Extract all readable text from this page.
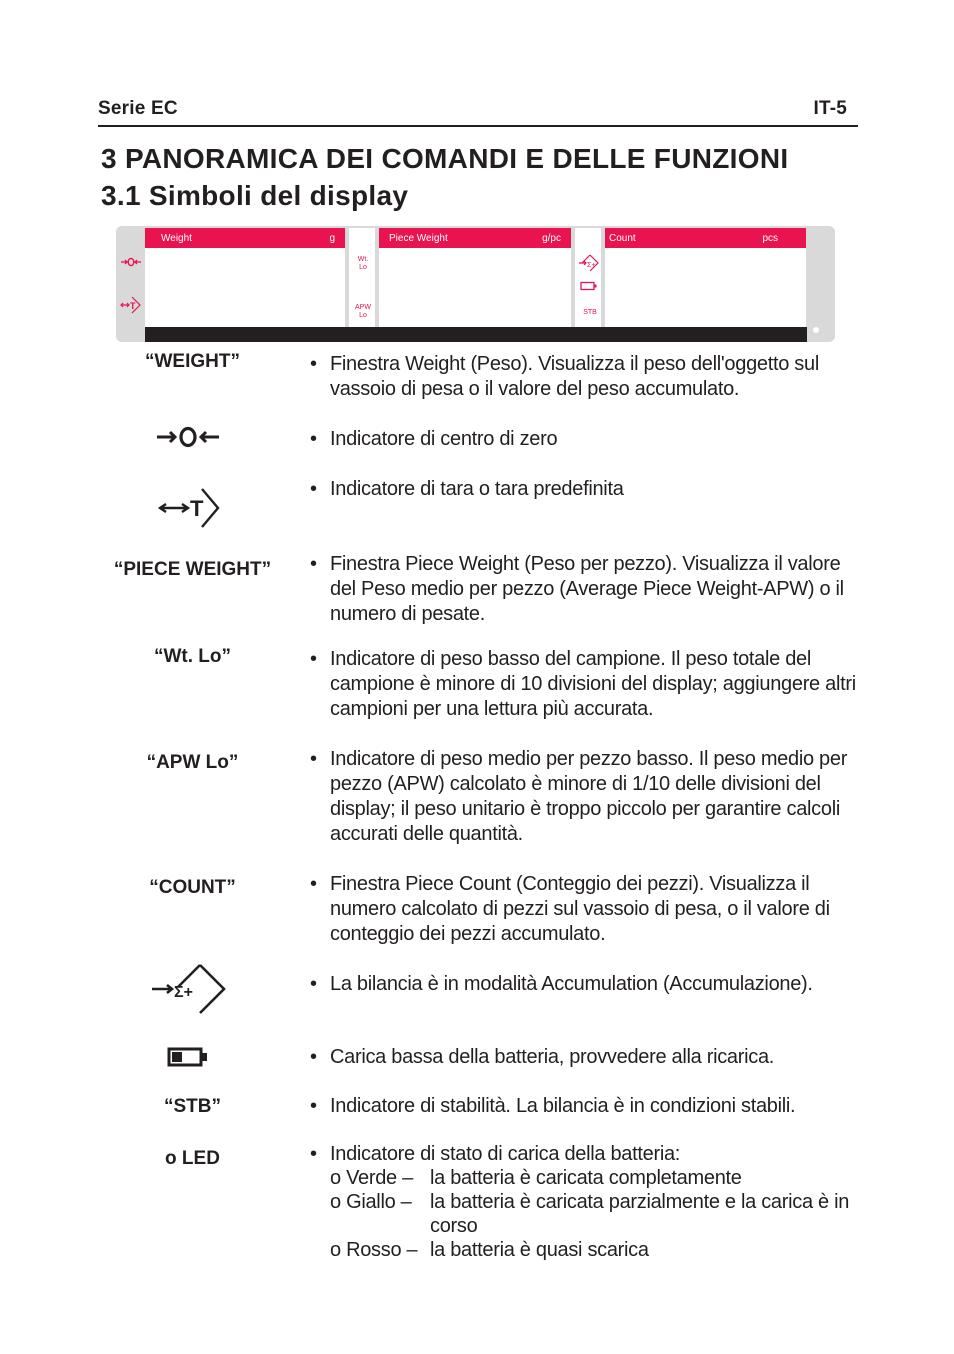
Serie EC	IT-5
3 PANORAMICA DEI COMANDI E DELLE FUNZIONI
3.1 Simboli del display
Weight	g	Piece Weight	g/pc	Count	pcs
Wt.
Lo
APW
Lo	STB
T
Σ+
“WEIGHT”	• Finestra Weight (Peso). Visualizza il peso dell'oggetto sul vassoio di pesa o il valore del peso accumulato.
• Indicatore di centro di zero
T
• Indicatore di tara o tara predefinita
“PIECE WEIGHT”	• Finestra Piece Weight (Peso per pezzo). Visualizza il valore del Peso medio per pezzo (Average Piece Weight-APW) o il numero di pesate.
“Wt. Lo”	• Indicatore di peso basso del campione. Il peso totale del campione è minore di 10 divisioni del display; aggiungere altri campioni per una lettura più accurata.
“APW Lo”	• Indicatore di peso medio per pezzo basso. Il peso medio per pezzo (APW) calcolato è minore di 1/10 delle divisioni del display; il peso unitario è troppo piccolo per garantire calcoli accurati delle quantità.
“COUNT”	• Finestra Piece Count (Conteggio dei pezzi). Visualizza il numero calcolato di pezzi sul vassoio di pesa, o il valore di conteggio dei pezzi accumulato.
Σ+	• La bilancia è in modalità Accumulation (Accumulazione).
• Carica bassa della batteria, provvedere alla ricarica.
“STB”	• Indicatore di stabilità. La bilancia è in condizioni stabili.
o LED	• Indicatore di stato di carica della batteria:
o Verde – la batteria è caricata completamente
o Giallo – la batteria è caricata parzialmente e la carica è in corso
o Rosso – la batteria è quasi scarica
